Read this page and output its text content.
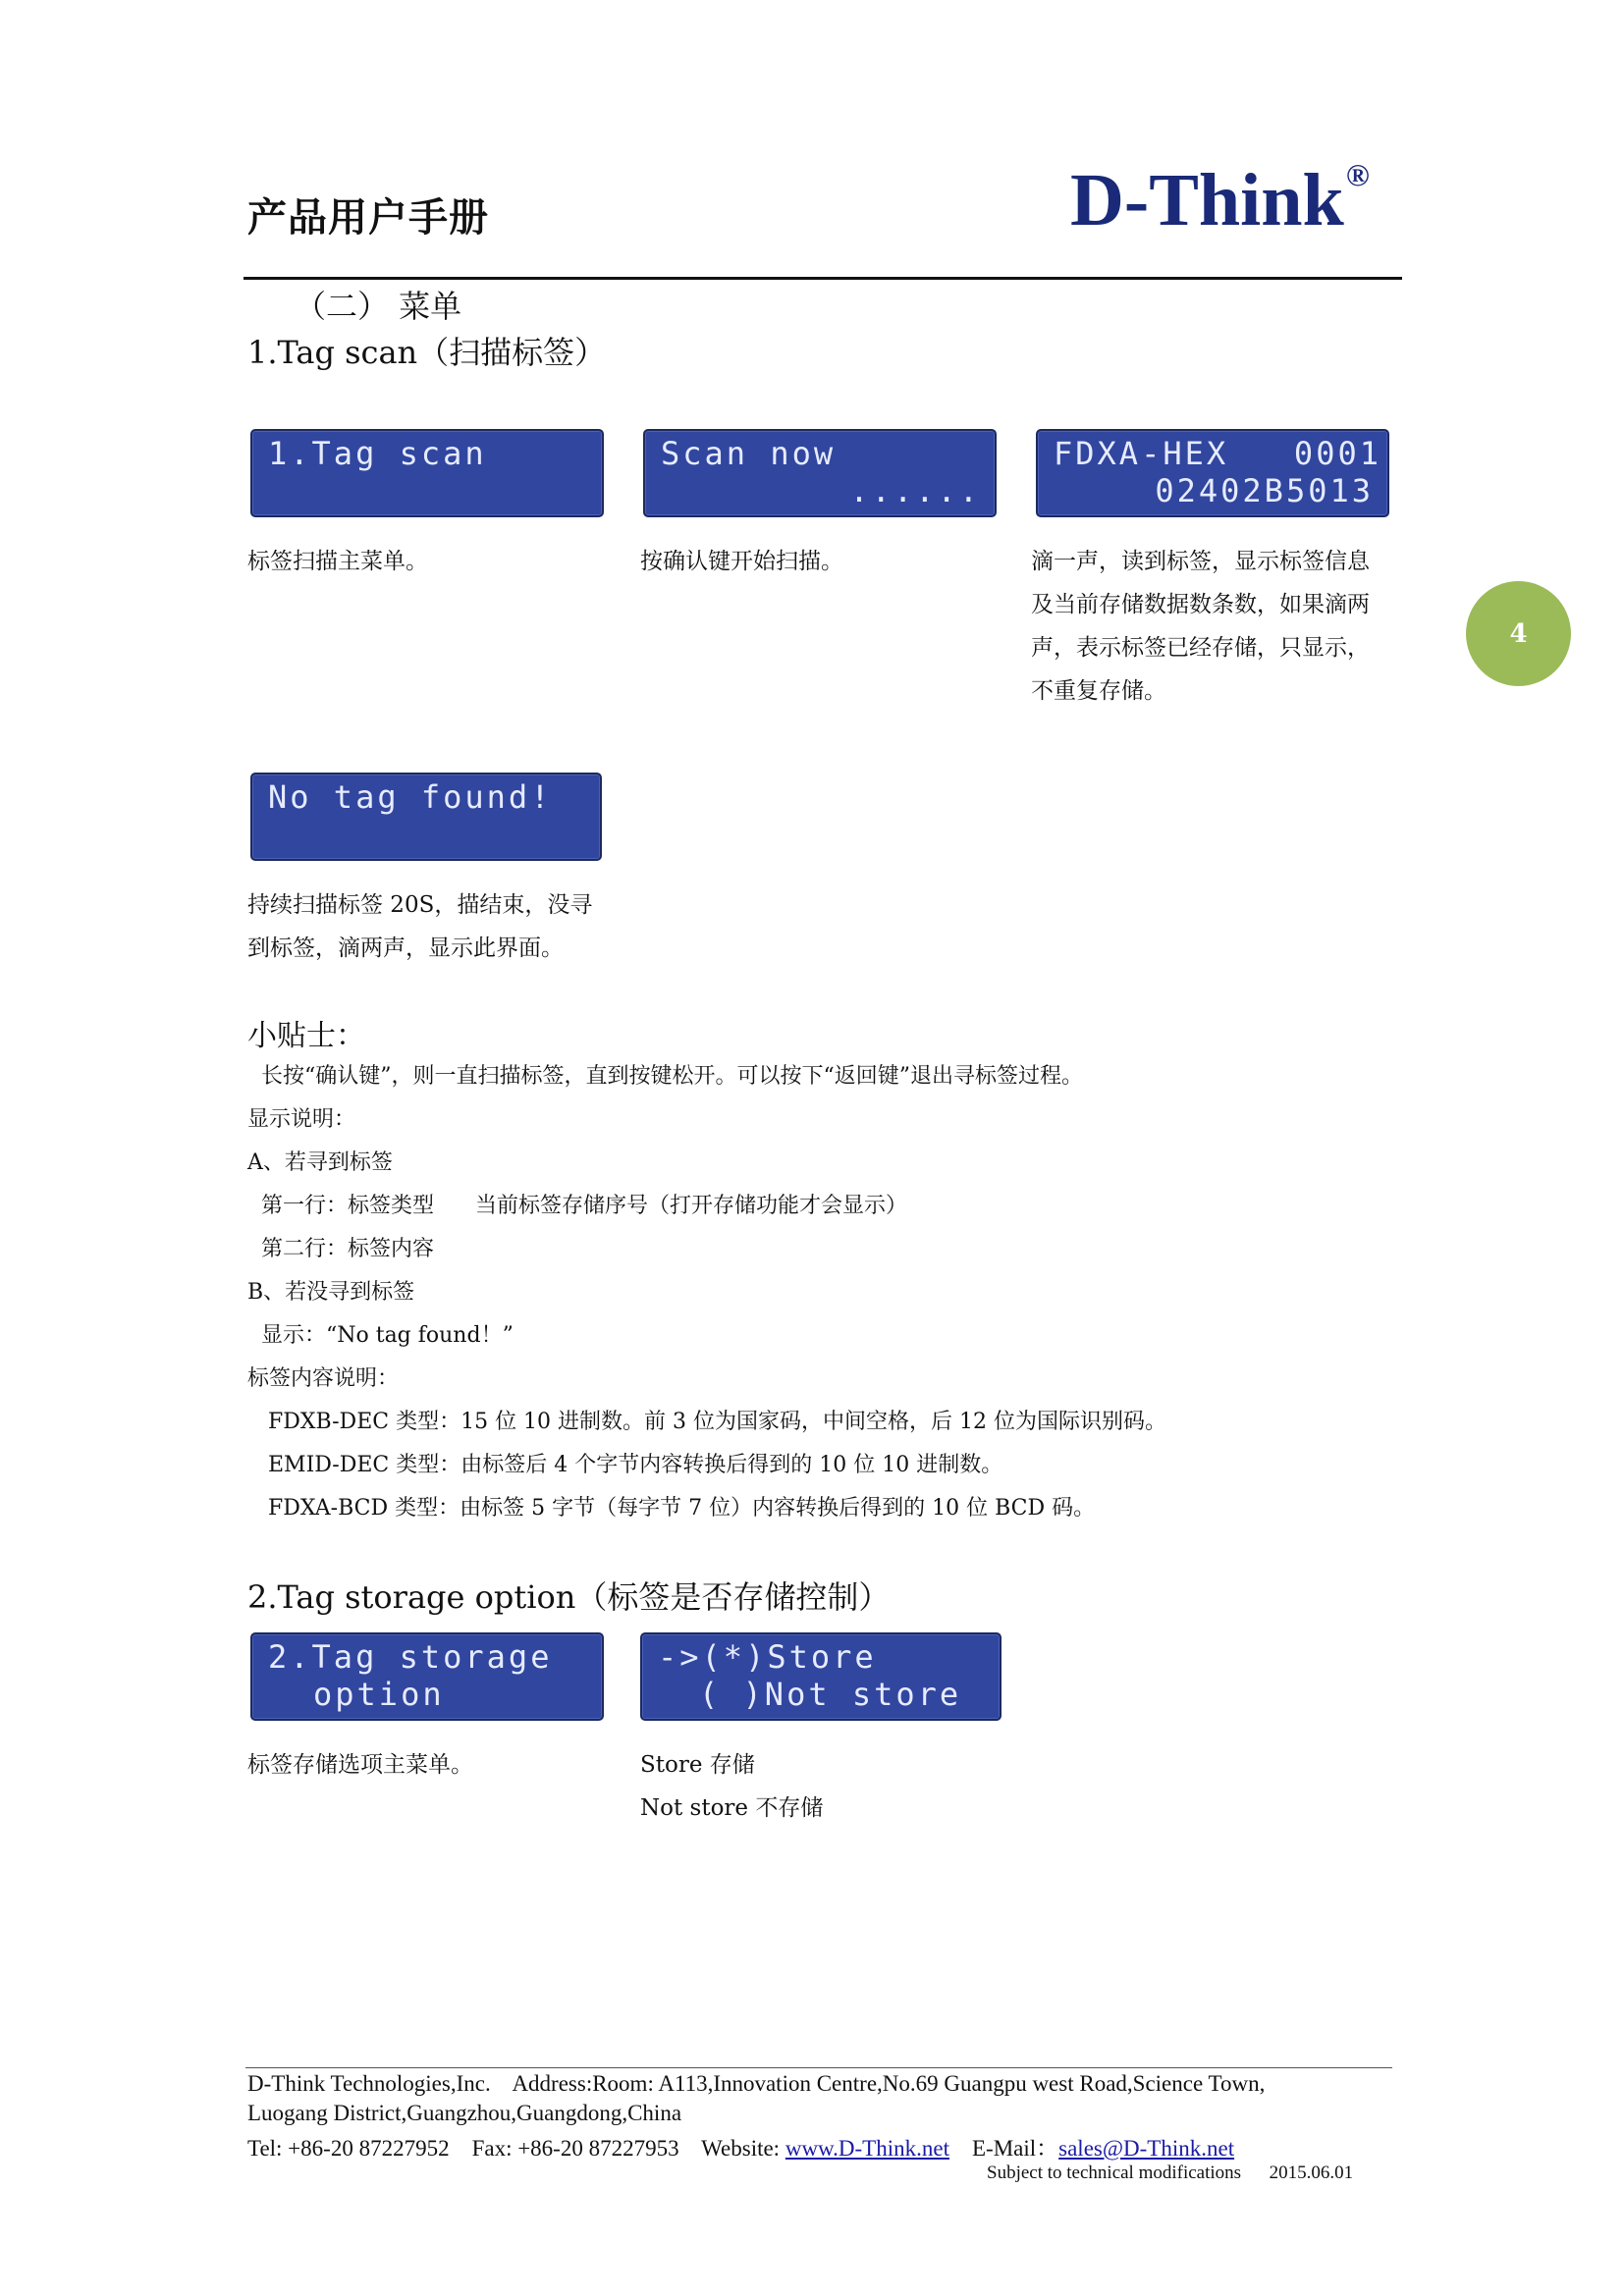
产品用户手册	D-Think®
（二） 菜单
1.Tag scan（扫描标签）
1.Tag scan	Scan now
......
FDXA-HEX   0001
02402B5013
标签扫描主菜单。	按确认键开始扫描。	滴一声，读到标签，显示标签信息
及当前存储数据数条数，如果滴两
声，表示标签已经存储，只显示，
不重复存储。
4
No tag found!
持续扫描标签 20S，描结束，没寻
到标签，滴两声，显示此界面。
小贴士：

长按“确认键”，则一直扫描标签，直到按键松开。可以按下“返回键”退出寻标签过程。

显示说明：

A、若寻到标签

第一行：标签类型      当前标签存储序号（打开存储功能才会显示）

第二行：标签内容

B、若没寻到标签

显示：“No tag found！”

标签内容说明：

FDXB-DEC 类型：15 位 10 进制数。前 3 位为国家码，中间空格，后 12 位为国际识别码。

EMID-DEC 类型：由标签后 4 个字节内容转换后得到的 10 位 10 进制数。

FDXA-BCD 类型：由标签 5 字节（每字节 7 位）内容转换后得到的 10 位 BCD 码。

2.Tag storage option（标签是否存储控制）
2.Tag storage
option
->(*)Store
( )Not store
标签存储选项主菜单。	Store 存储
Not store 不存储
D-Think Technologies,Inc.    Address:Room: A113,Innovation Centre,No.69 Guangpu west Road,Science Town,
Luogang District,Guangzhou,Guangdong,China
Tel: +86-20 87227952    Fax: +86-20 87227953    Website: www.D-Think.net    E-Mail：sales@D-Think.net
Subject to technical modifications      2015.06.01
